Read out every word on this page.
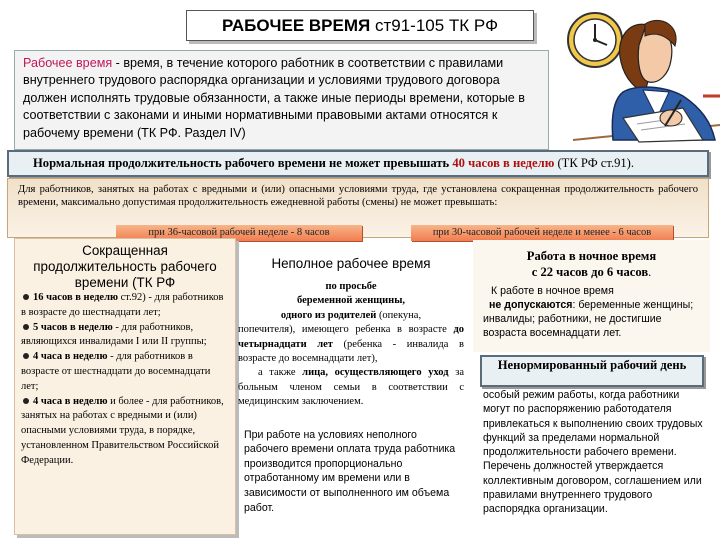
РАБОЧЕЕ ВРЕМЯ ст91-105 ТК РФ
Рабочее время - время, в течение которого работник в соответствии с правилами внутреннего трудового распорядка организации и условиями трудового договора должен исполнять трудовые обязанности, а также иные периоды времени, которые в соответствии с законами и иными нормативными правовыми актами относятся к рабочему времени (ТК РФ. Раздел IV)
Нормальная продолжительность рабочего времени не может превышать 40 часов в неделю (ТК РФ ст.91).
Для работников, занятых на работах с вредными и (или) опасными условиями труда, где установлена сокращенная продолжительность рабочего времени, максимально допустимая продолжительность ежедневной работы (смены) не может превышать:
при 36-часовой рабочей неделе - 8 часов	при 30-часовой рабочей неделе и менее - 6 часов
Сокращенная продолжительность рабочего времени (ТК РФ

16 часов в неделю ст.92) - для работников в возрасте до шестнадцати лет;

5 часов в неделю - для работников, являющихся инвалидами I или II группы;

4 часа в неделю - для работников в возрасте от шестнадцати до восемнадцати лет;

4 часа в неделю и более - для работников, занятых на работах с вредными и (или) опасными условиями труда, в порядке, установленном Правительством Российской Федерации.

Неполное рабочее время
по просьбе
беременной женщины,
одного из родителей (опекуна,
попечителя), имеющего ребенка в возрасте до четырнадцати лет (ребенка - инвалида в возрасте до восемнадцати лет),
а также лица, осуществляющего уход за больным членом семьи в соответствии с медицинским заключением.
При работе на условиях неполного рабочего времени оплата труда работника производится пропорционально отработанному им времени или в зависимости от выполненного им объема работ.
Работа в ночное время
с 22 часов до 6 часов.
К работе в ночное время
не допускаются: беременные женщины; инвалиды; работники, не достигшие возраста восемнадцати лет.
Ненормированный рабочий день
особый режим работы, когда работники могут по распоряжению работодателя привлекаться к выполнению своих трудовых функций за пределами нормальной продолжительности рабочего времени. Перечень должностей утверждается коллективным договором, соглашением или правилами внутреннего трудового распорядка организации.
